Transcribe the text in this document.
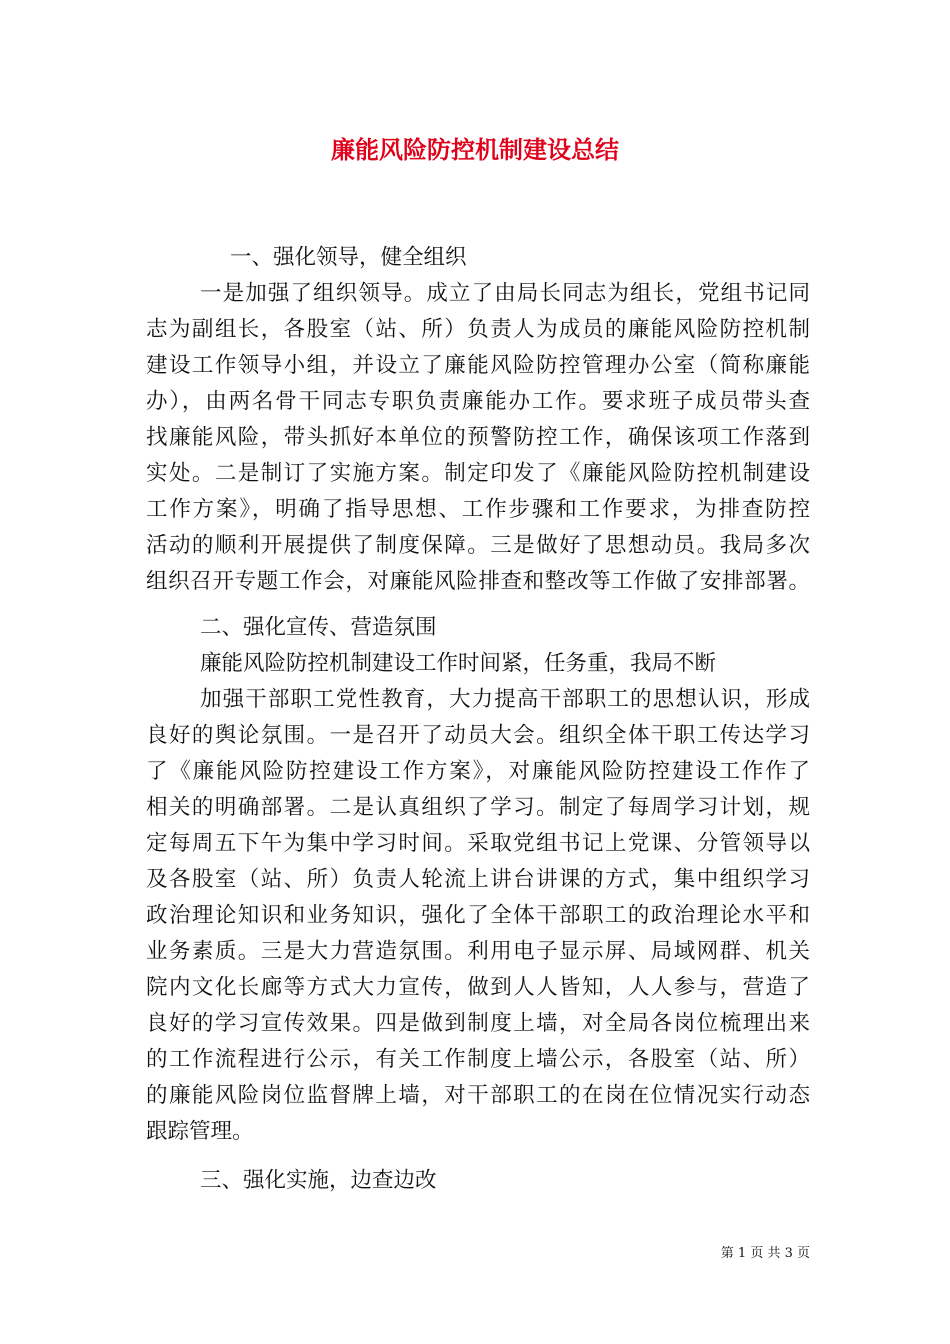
廉能风险防控机制建设总结

一、强化领导，健全组织

一是加强了组织领导。成立了由局长同志为组长，党组书记同

志为副组长，各股室（站、所）负责人为成员的廉能风险防控机制

建设工作领导小组，并设立了廉能风险防控管理办公室（简称廉能

办），由两名骨干同志专职负责廉能办工作。要求班子成员带头查

找廉能风险，带头抓好本单位的预警防控工作，确保该项工作落到

实处。二是制订了实施方案。制定印发了《廉能风险防控机制建设

工作方案》，明确了指导思想、工作步骤和工作要求，为排查防控

活动的顺利开展提供了制度保障。三是做好了思想动员。我局多次

组织召开专题工作会，对廉能风险排查和整改等工作做了安排部署。

二、强化宣传、营造氛围

廉能风险防控机制建设工作时间紧，任务重，我局不断

加强干部职工党性教育，大力提高干部职工的思想认识，形成

良好的舆论氛围。一是召开了动员大会。组织全体干职工传达学习

了《廉能风险防控建设工作方案》，对廉能风险防控建设工作作了

相关的明确部署。二是认真组织了学习。制定了每周学习计划，规

定每周五下午为集中学习时间。采取党组书记上党课、分管领导以

及各股室（站、所）负责人轮流上讲台讲课的方式，集中组织学习

政治理论知识和业务知识，强化了全体干部职工的政治理论水平和

业务素质。三是大力营造氛围。利用电子显示屏、局域网群、机关

院内文化长廊等方式大力宣传，做到人人皆知，人人参与，营造了

良好的学习宣传效果。四是做到制度上墙，对全局各岗位梳理出来

的工作流程进行公示，有关工作制度上墙公示，各股室（站、所）

的廉能风险岗位监督牌上墙，对干部职工的在岗在位情况实行动态

跟踪管理。

三、强化实施，边查边改

第 1 页 共 3 页
